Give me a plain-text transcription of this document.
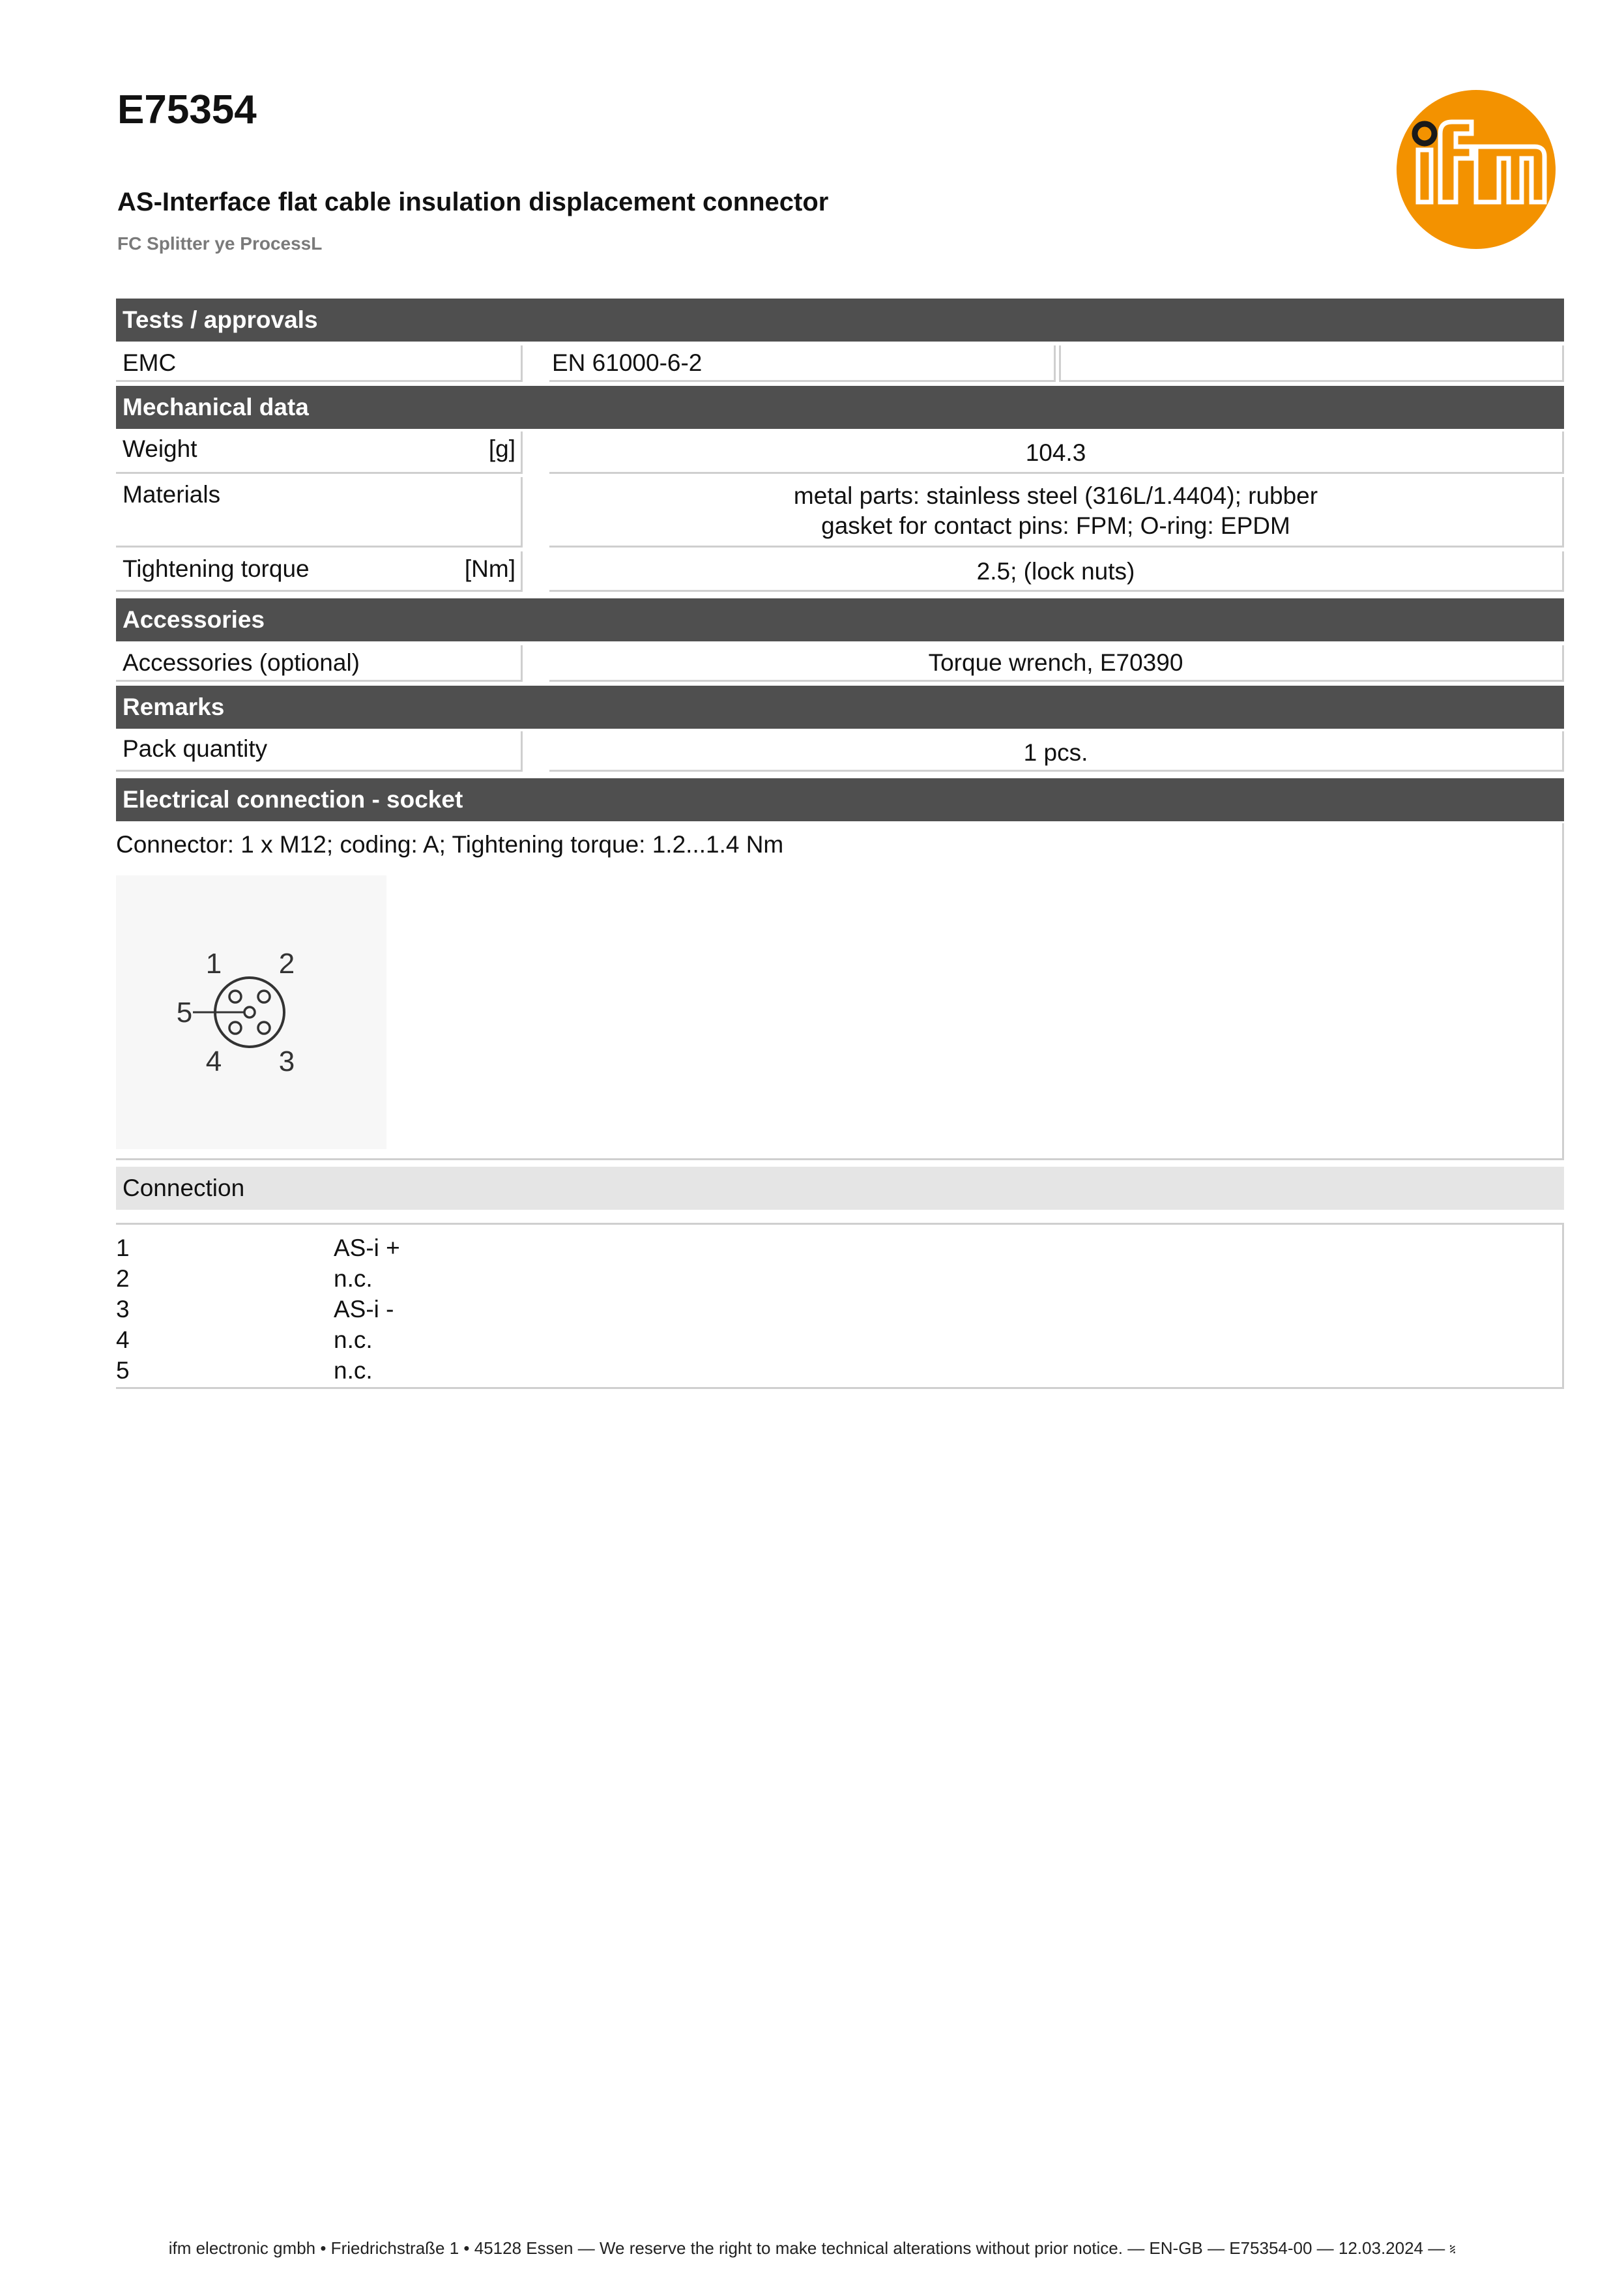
E75354
AS-Interface flat cable insulation displacement connector
FC Splitter ye ProcessL
Tests / approvals
EMC	EN 61000-6-2
Mechanical data
Weight	[g]	104.3
Materials	metal parts: stainless steel (316L/1.4404); rubber
gasket for contact pins: FPM; O-ring: EPDM
Tightening torque	[Nm]	2.5; (lock nuts)
Accessories
Accessories (optional)	Torque wrench, E70390
Remarks
Pack quantity	1 pcs.
Electrical connection - socket
Connector: 1 x M12; coding: A; Tightening torque: 1.2...1.4 Nm
1 2
3
4
5
Connection
1	AS-i +
2	n.c.
3	AS-i -
4	n.c.
5	n.c.
ifm electronic gmbh • Friedrichstraße 1 • 45128 Essen — We reserve the right to make technical alterations without prior notice. — EN-GB — E75354-00 — 12.03.2024 — ⹏
